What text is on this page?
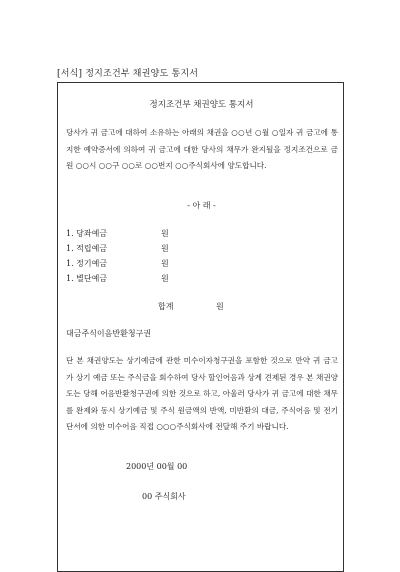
[서식] 정지조건부 채권양도 통지서
정지조건부 채권양도 통지서
당사가 귀 금고에 대하여 소유하는 아래의 채권을 ○○년 ○월 ○일자 귀 금고에 통지한 예약증서에 의하여 귀 금고에 대한 당사의 채무가 완지될을 정지조건으로 금원 ○○시 ○○구 ○○로 ○○번지 ○○주식회사에 양도합니다.
- 아 래 -
1. 당좌예금	원
1. 적립예금	원
1. 정기예금	원
1. 별단예금	원
합계	원
대금주식이음반환청구권
단 본 채권양도는 상기예금에 관한 미수이자청구권을 포함한 것으로 만약 귀 금고가 상기 예금 또는 주식금을 회수하여 당사 할인어음과 상계 견제된 경우 본 채권양도는 당해 어음반환청구권에 의한 것으로 하고, 아울러 당사가 귀 금고에 대한 채무를 완제와 동시 상기예금 및 주식 원금액의 반액, 미반환의 대금, 주식어음 및 전기 단서에 의한 미수어음 직접 ○○○주식회사에 전달해 주기 바랍니다.
2000년 00월 00
00 주식회사
